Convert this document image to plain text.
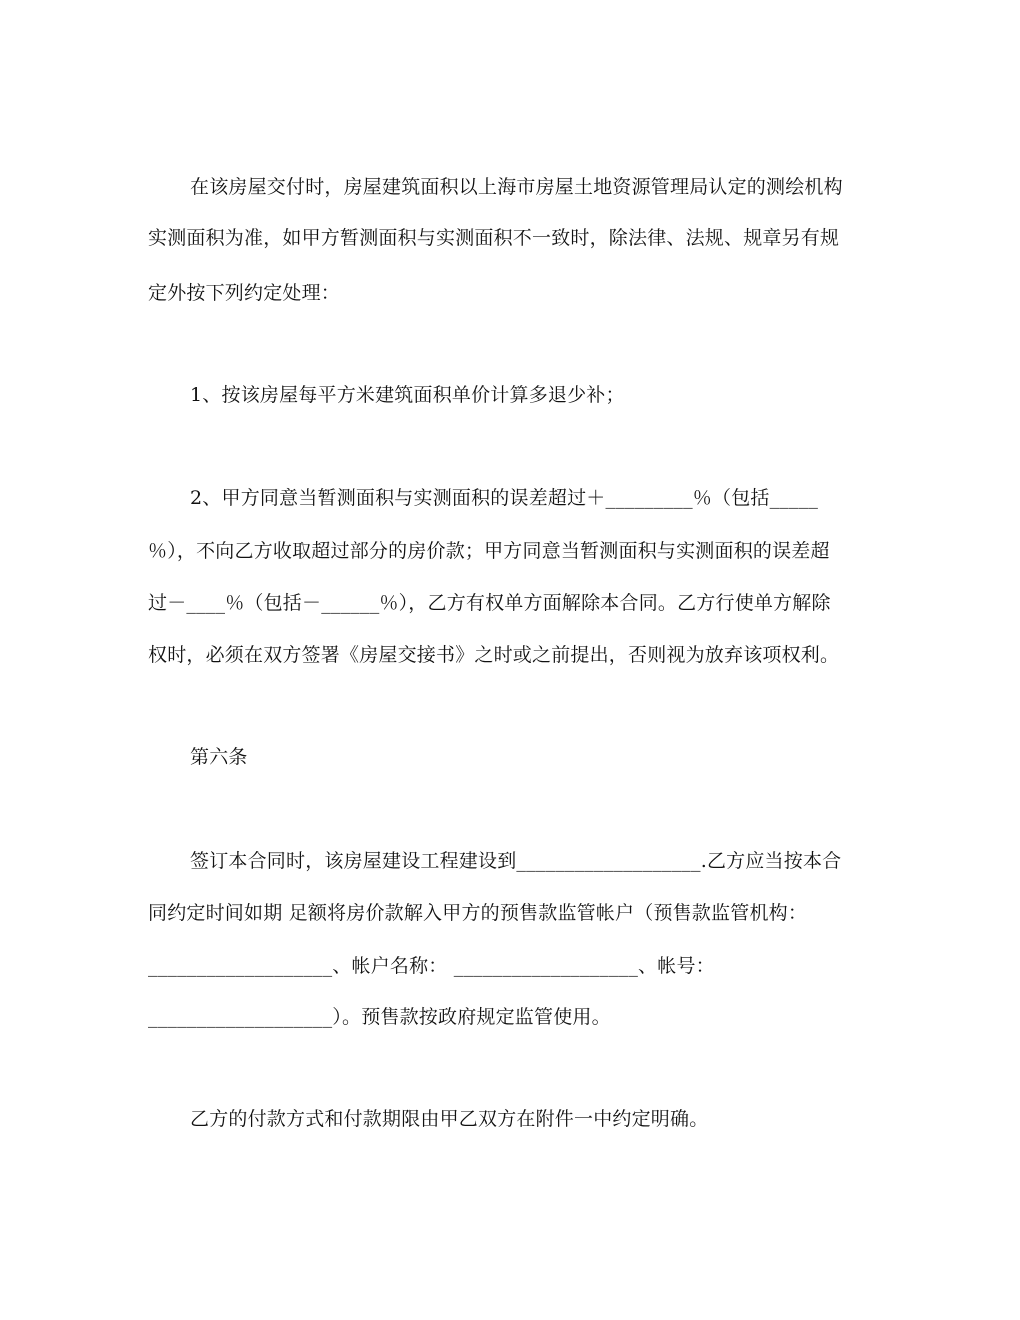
在该房屋交付时，房屋建筑面积以上海市房屋土地资源管理局认定的测绘机构
实测面积为准，如甲方暂测面积与实测面积不一致时，除法律、法规、规章另有规
定外按下列约定处理：
1、按该房屋每平方米建筑面积单价计算多退少补；
2、甲方同意当暂测面积与实测面积的误差超过＋_________％（包括_____
％），不向乙方收取超过部分的房价款；甲方同意当暂测面积与实测面积的误差超
过－____％（包括－______％），乙方有权单方面解除本合同。乙方行使单方解除
权时，必须在双方签署《房屋交接书》之时或之前提出，否则视为放弃该项权利。
第六条
签订本合同时，该房屋建设工程建设到___________________.乙方应当按本合
同约定时间如期 足额将房价款解入甲方的预售款监管帐户（预售款监管机构：
___________________、帐户名称： ___________________、帐号：
___________________）。预售款按政府规定监管使用。
乙方的付款方式和付款期限由甲乙双方在附件一中约定明确。
